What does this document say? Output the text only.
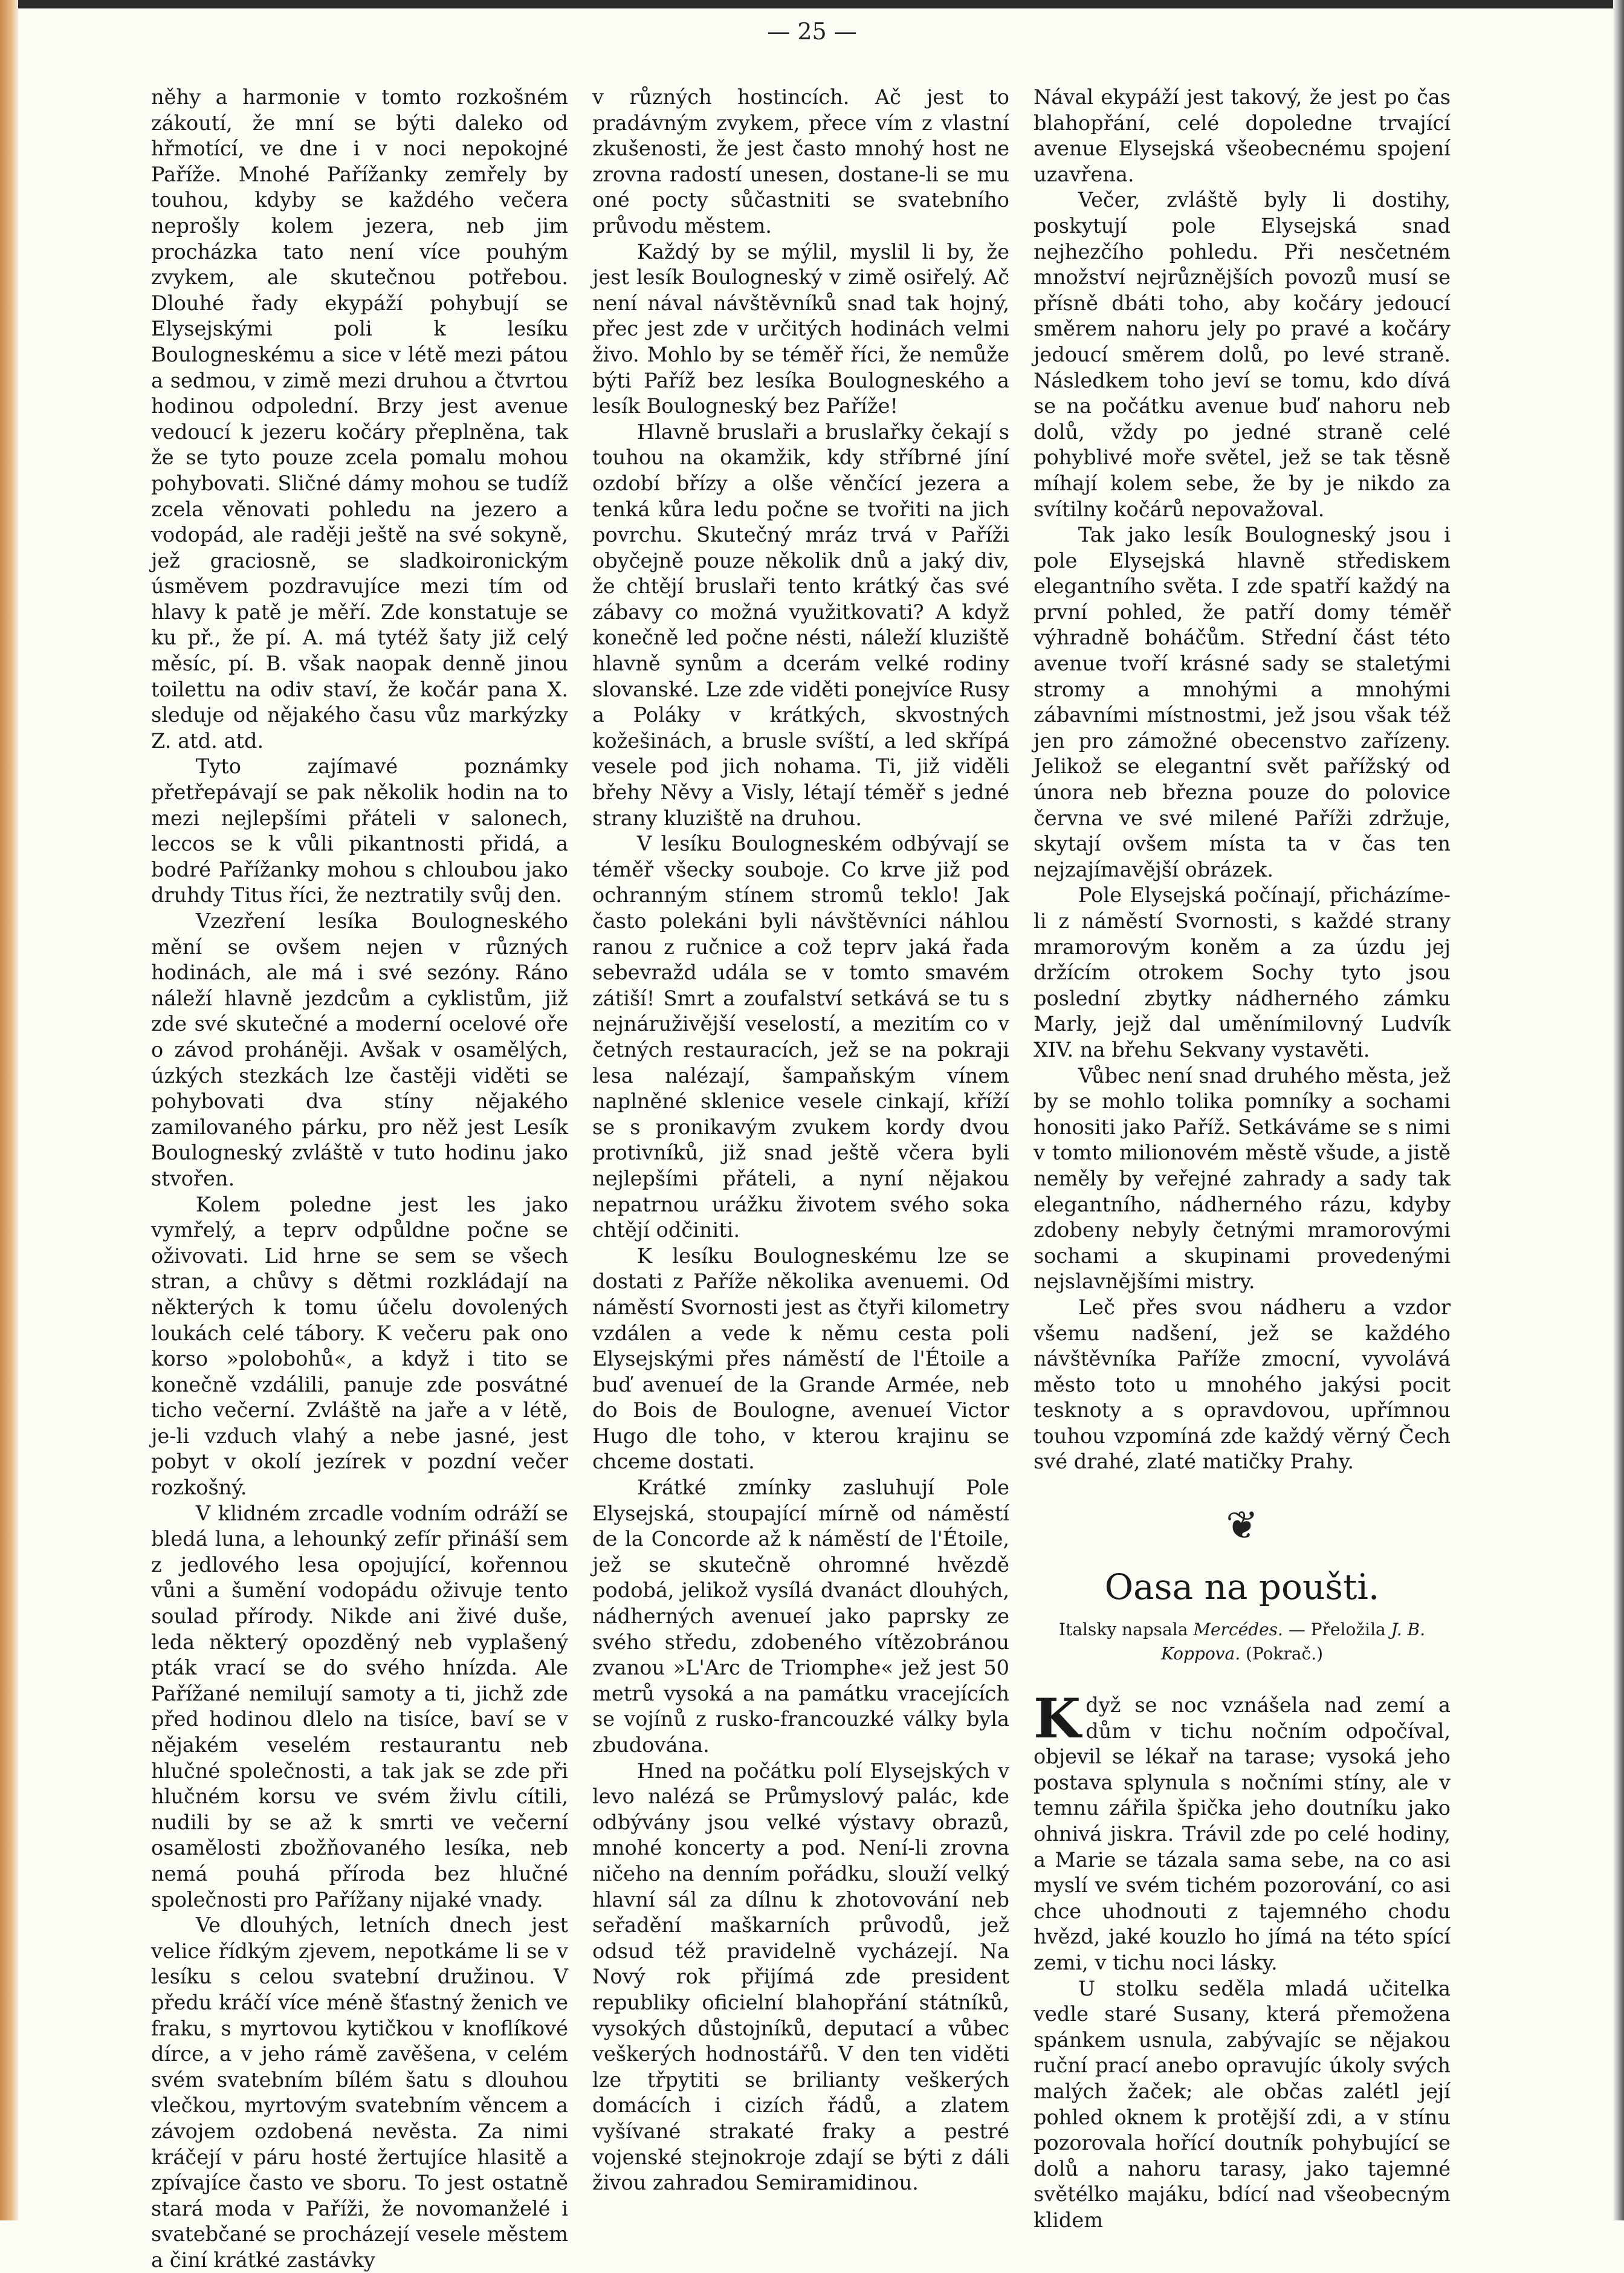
— 25 —

něhy a harmonie v tomto rozkošném zákoutí, že mní se býti daleko od hřmotící, ve dne i v noci nepokojné Paříže. Mnohé Pařížanky zemřely by touhou, kdyby se každého večera neprošly kolem jezera, neb jim procházka tato není více pouhým zvykem, ale skutečnou potřebou. Dlouhé řady ekypáží pohybují se Elysejskými poli k lesíku Boulogneskému a sice v létě mezi pátou a sedmou, v zimě mezi druhou a čtvrtou hodinou odpolední. Brzy jest avenue vedoucí k jezeru kočáry přeplněna, tak že se tyto pouze zcela pomalu mohou pohybovati. Sličné dámy mohou se tudíž zcela věnovati pohledu na jezero a vodopád, ale raději ještě na své sokyně, jež graciosně, se sladkoironickým úsměvem pozdravujíce mezi tím od hlavy k patě je měří. Zde konstatuje se ku př., že pí. A. má tytéž šaty již celý měsíc, pí. B. však naopak denně jinou toilettu na odiv staví, že kočár pana X. sleduje od nějakého času vůz markýzky Z. atd. atd.

Tyto zajímavé poznámky přetřepávají se pak několik hodin na to mezi nejlepšími přáteli v salonech, leccos se k vůli pikantnosti přidá, a bodré Pařížanky mohou s chloubou jako druhdy Titus říci, že neztratily svůj den.

Vzezření lesíka Boulogneského mění se ovšem nejen v různých hodinách, ale má i své sezóny. Ráno náleží hlavně jezdcům a cyklistům, již zde své skutečné a moderní ocelové oře o závod proháněji. Avšak v osamělých, úzkých stezkách lze častěji viděti se pohybovati dva stíny nějakého zamilovaného párku, pro něž jest Lesík Boulogneský zvláště v tuto hodinu jako stvořen.

Kolem poledne jest les jako vymřelý, a teprv odpůldne počne se oživovati. Lid hrne se sem se všech stran, a chůvy s dětmi rozkládají na některých k tomu účelu dovolených loukách celé tábory. K večeru pak ono korso »polobohů«, a když i tito se konečně vzdálili, panuje zde posvátné ticho večerní. Zvláště na jaře a v létě, je-li vzduch vlahý a nebe jasné, jest pobyt v okolí jezírek v pozdní večer rozkošný.

V klidném zrcadle vodním odráží se bledá luna, a lehounký zefír přináší sem z jedlového lesa opojující, kořennou vůni a šumění vodopádu oživuje tento soulad přírody. Nikde ani živé duše, leda některý opozděný neb vyplašený pták vrací se do svého hnízda. Ale Pařížané nemilují samoty a ti, jichž zde před hodinou dlelo na tisíce, baví se v nějakém veselém restaurantu neb hlučné společnosti, a tak jak se zde při hlučném korsu ve svém živlu cítili, nudili by se až k smrti ve večerní osamělosti zbožňovaného lesíka, neb nemá pouhá příroda bez hlučné společnosti pro Pařížany nijaké vnady.

Ve dlouhých, letních dnech jest velice řídkým zjevem, nepotkáme li se v lesíku s celou svatební družinou. V předu kráčí více méně šťastný ženich ve fraku, s myrtovou kytičkou v knoflíkové dírce, a v jeho rámě zavěšena, v celém svém svatebním bílém šatu s dlouhou vlečkou, myrtovým svatebním věncem a závojem ozdobená nevěsta. Za nimi kráčejí v páru hosté žertujíce hlasitě a zpívajíce často ve sboru. To jest ostatně stará moda v Paříži, že novomanželé i svatebčané se procházejí vesele městem a činí krátké zastávky

v různých hostincích. Ač jest to pradávným zvykem, přece vím z vlastní zkušenosti, že jest často mnohý host ne zrovna radostí unesen, dostane-li se mu oné pocty sůčastniti se svatebního průvodu městem.

Každý by se mýlil, myslil li by, že jest lesík Boulogneský v zimě osiřelý. Ač není nával návštěvníků snad tak hojný, přec jest zde v určitých hodinách velmi živo. Mohlo by se téměř říci, že nemůže býti Paříž bez lesíka Boulogneského a lesík Boulogneský bez Paříže!

Hlavně bruslaři a bruslařky čekají s touhou na okamžik, kdy stříbrné jíní ozdobí břízy a olše věnčící jezera a tenká kůra ledu počne se tvořiti na jich povrchu. Skutečný mráz trvá v Paříži obyčejně pouze několik dnů a jaký div, že chtějí bruslaři tento krátký čas své zábavy co možná využitkovati? A když konečně led počne nésti, náleží kluziště hlavně synům a dcerám velké rodiny slovanské. Lze zde viděti ponejvíce Rusy a Poláky v krátkých, skvostných kožešinách, a brusle svíští, a led skřípá vesele pod jich nohama. Ti, již viděli břehy Něvy a Visly, létají téměř s jedné strany kluziště na druhou.

V lesíku Boulogneském odbývají se téměř všecky souboje. Co krve již pod ochranným stínem stromů teklo! Jak často polekáni byli návštěvníci náhlou ranou z ručnice a což teprv jaká řada sebevražd udála se v tomto smavém zátiší! Smrt a zoufalství setkává se tu s nejnáruživější veselostí, a mezitím co v četných restauracích, jež se na pokraji lesa nalézají, šampaňským vínem naplněné sklenice vesele cinkají, kříží se s pronikavým zvukem kordy dvou protivníků, již snad ještě včera byli nejlepšími přáteli, a nyní nějakou nepatrnou urážku životem svého soka chtějí odčiniti.

K lesíku Boulogneskému lze se dostati z Paříže několika avenuemi. Od náměstí Svornosti jest as čtyři kilometry vzdálen a vede k němu cesta poli Elysejskými přes náměstí de l'Étoile a buď avenueí de la Grande Armée, neb do Bois de Boulogne, avenueí Victor Hugo dle toho, v kterou krajinu se chceme dostati.

Krátké zmínky zasluhují Pole Elysejská, stoupající mírně od náměstí de la Concorde až k náměstí de l'Étoile, jež se skutečně ohromné hvězdě podobá, jelikož vysílá dvanáct dlouhých, nádherných avenueí jako paprsky ze svého středu, zdobeného vítězobránou zvanou »L'Arc de Triomphe« jež jest 50 metrů vysoká a na památku vracejících se vojínů z rusko-francouzké války byla zbudována.

Hned na počátku polí Elysejských v levo nalézá se Průmyslový palác, kde odbývány jsou velké výstavy obrazů, mnohé koncerty a pod. Není-li zrovna ničeho na denním pořádku, slouží velký hlavní sál za dílnu k zhotovování neb seřadění maškarních průvodů, jež odsud též pravidelně vycházejí. Na Nový rok přijímá zde president republiky oficielní blahopřání státníků, vysokých důstojníků, deputací a vůbec veškerých hodnostářů. V den ten viděti lze třpytiti se brilianty veškerých domácích i cizích řádů, a zlatem vyšívané strakaté fraky a pestré vojenské stejnokroje zdají se býti z dáli živou zahradou Semiramidinou.

Nával ekypáží jest takový, že jest po čas blahopřání, celé dopoledne trvající avenue Elysejská všeobecnému spojení uzavřena.

Večer, zvláště byly li dostihy, poskytují pole Elysejská snad nejhezčího pohledu. Při nesčetném množství nejrůznějších povozů musí se přísně dbáti toho, aby kočáry jedoucí směrem nahoru jely po pravé a kočáry jedoucí směrem dolů, po levé straně. Následkem toho jeví se tomu, kdo dívá se na počátku avenue buď nahoru neb dolů, vždy po jedné straně celé pohyblivé moře světel, jež se tak těsně míhají kolem sebe, že by je nikdo za svítilny kočárů nepovažoval.

Tak jako lesík Boulogneský jsou i pole Elysejská hlavně střediskem elegantního světa. I zde spatří každý na první pohled, že patří domy téměř výhradně boháčům. Střední část této avenue tvoří krásné sady se staletými stromy a mnohými a mnohými zábavními místnostmi, jež jsou však též jen pro zámožné obecenstvo zařízeny. Jelikož se elegantní svět pařížský od února neb března pouze do polovice června ve své milené Paříži zdržuje, skytají ovšem místa ta v čas ten nejzajímavější obrázek.

Pole Elysejská počínají, přicházíme-li z náměstí Svornosti, s každé strany mramorovým koněm a za úzdu jej držícím otrokem Sochy tyto jsou poslední zbytky nádherného zámku Marly, jejž dal uměnímilovný Ludvík XIV. na břehu Sekvany vystavěti.

Vůbec není snad druhého města, jež by se mohlo tolika pomníky a sochami honositi jako Paříž. Setkáváme se s nimi v tomto milionovém městě všude, a jistě neměly by veřejné zahrady a sady tak elegantního, nádherného rázu, kdyby zdobeny nebyly četnými mramorovými sochami a skupinami provedenými nejslavnějšími mistry.

Leč přes svou nádheru a vzdor všemu nadšení, jež se každého návštěvníka Paříže zmocní, vyvolává město toto u mnohého jakýsi pocit tesknoty a s opravdovou, upřímnou touhou vzpomíná zde každý věrný Čech své drahé, zlaté matičky Prahy.

❦
Oasa na poušti.
Italsky napsala Mercédes. — Přeložila J. B. Koppova. (Pokrač.)

Když se noc vznášela nad zemí a dům v tichu nočním odpočíval, objevil se lékař na tarase; vysoká jeho postava splynula s nočními stíny, ale v temnu zářila špička jeho doutníku jako ohnivá jiskra. Trávil zde po celé hodiny, a Marie se tázala sama sebe, na co asi myslí ve svém tichém pozorování, co asi chce uhodnouti z tajemného chodu hvězd, jaké kouzlo ho jímá na této spící zemi, v tichu noci lásky.

U stolku seděla mladá učitelka vedle staré Susany, která přemožena spánkem usnula, zabývajíc se nějakou ruční prací anebo opravujíc úkoly svých malých žaček; ale občas zalétl její pohled oknem k protější zdi, a v stínu pozorovala hořící doutník pohybující se dolů a nahoru tarasy, jako tajemné světélko majáku, bdící nad všeobecným klidem
